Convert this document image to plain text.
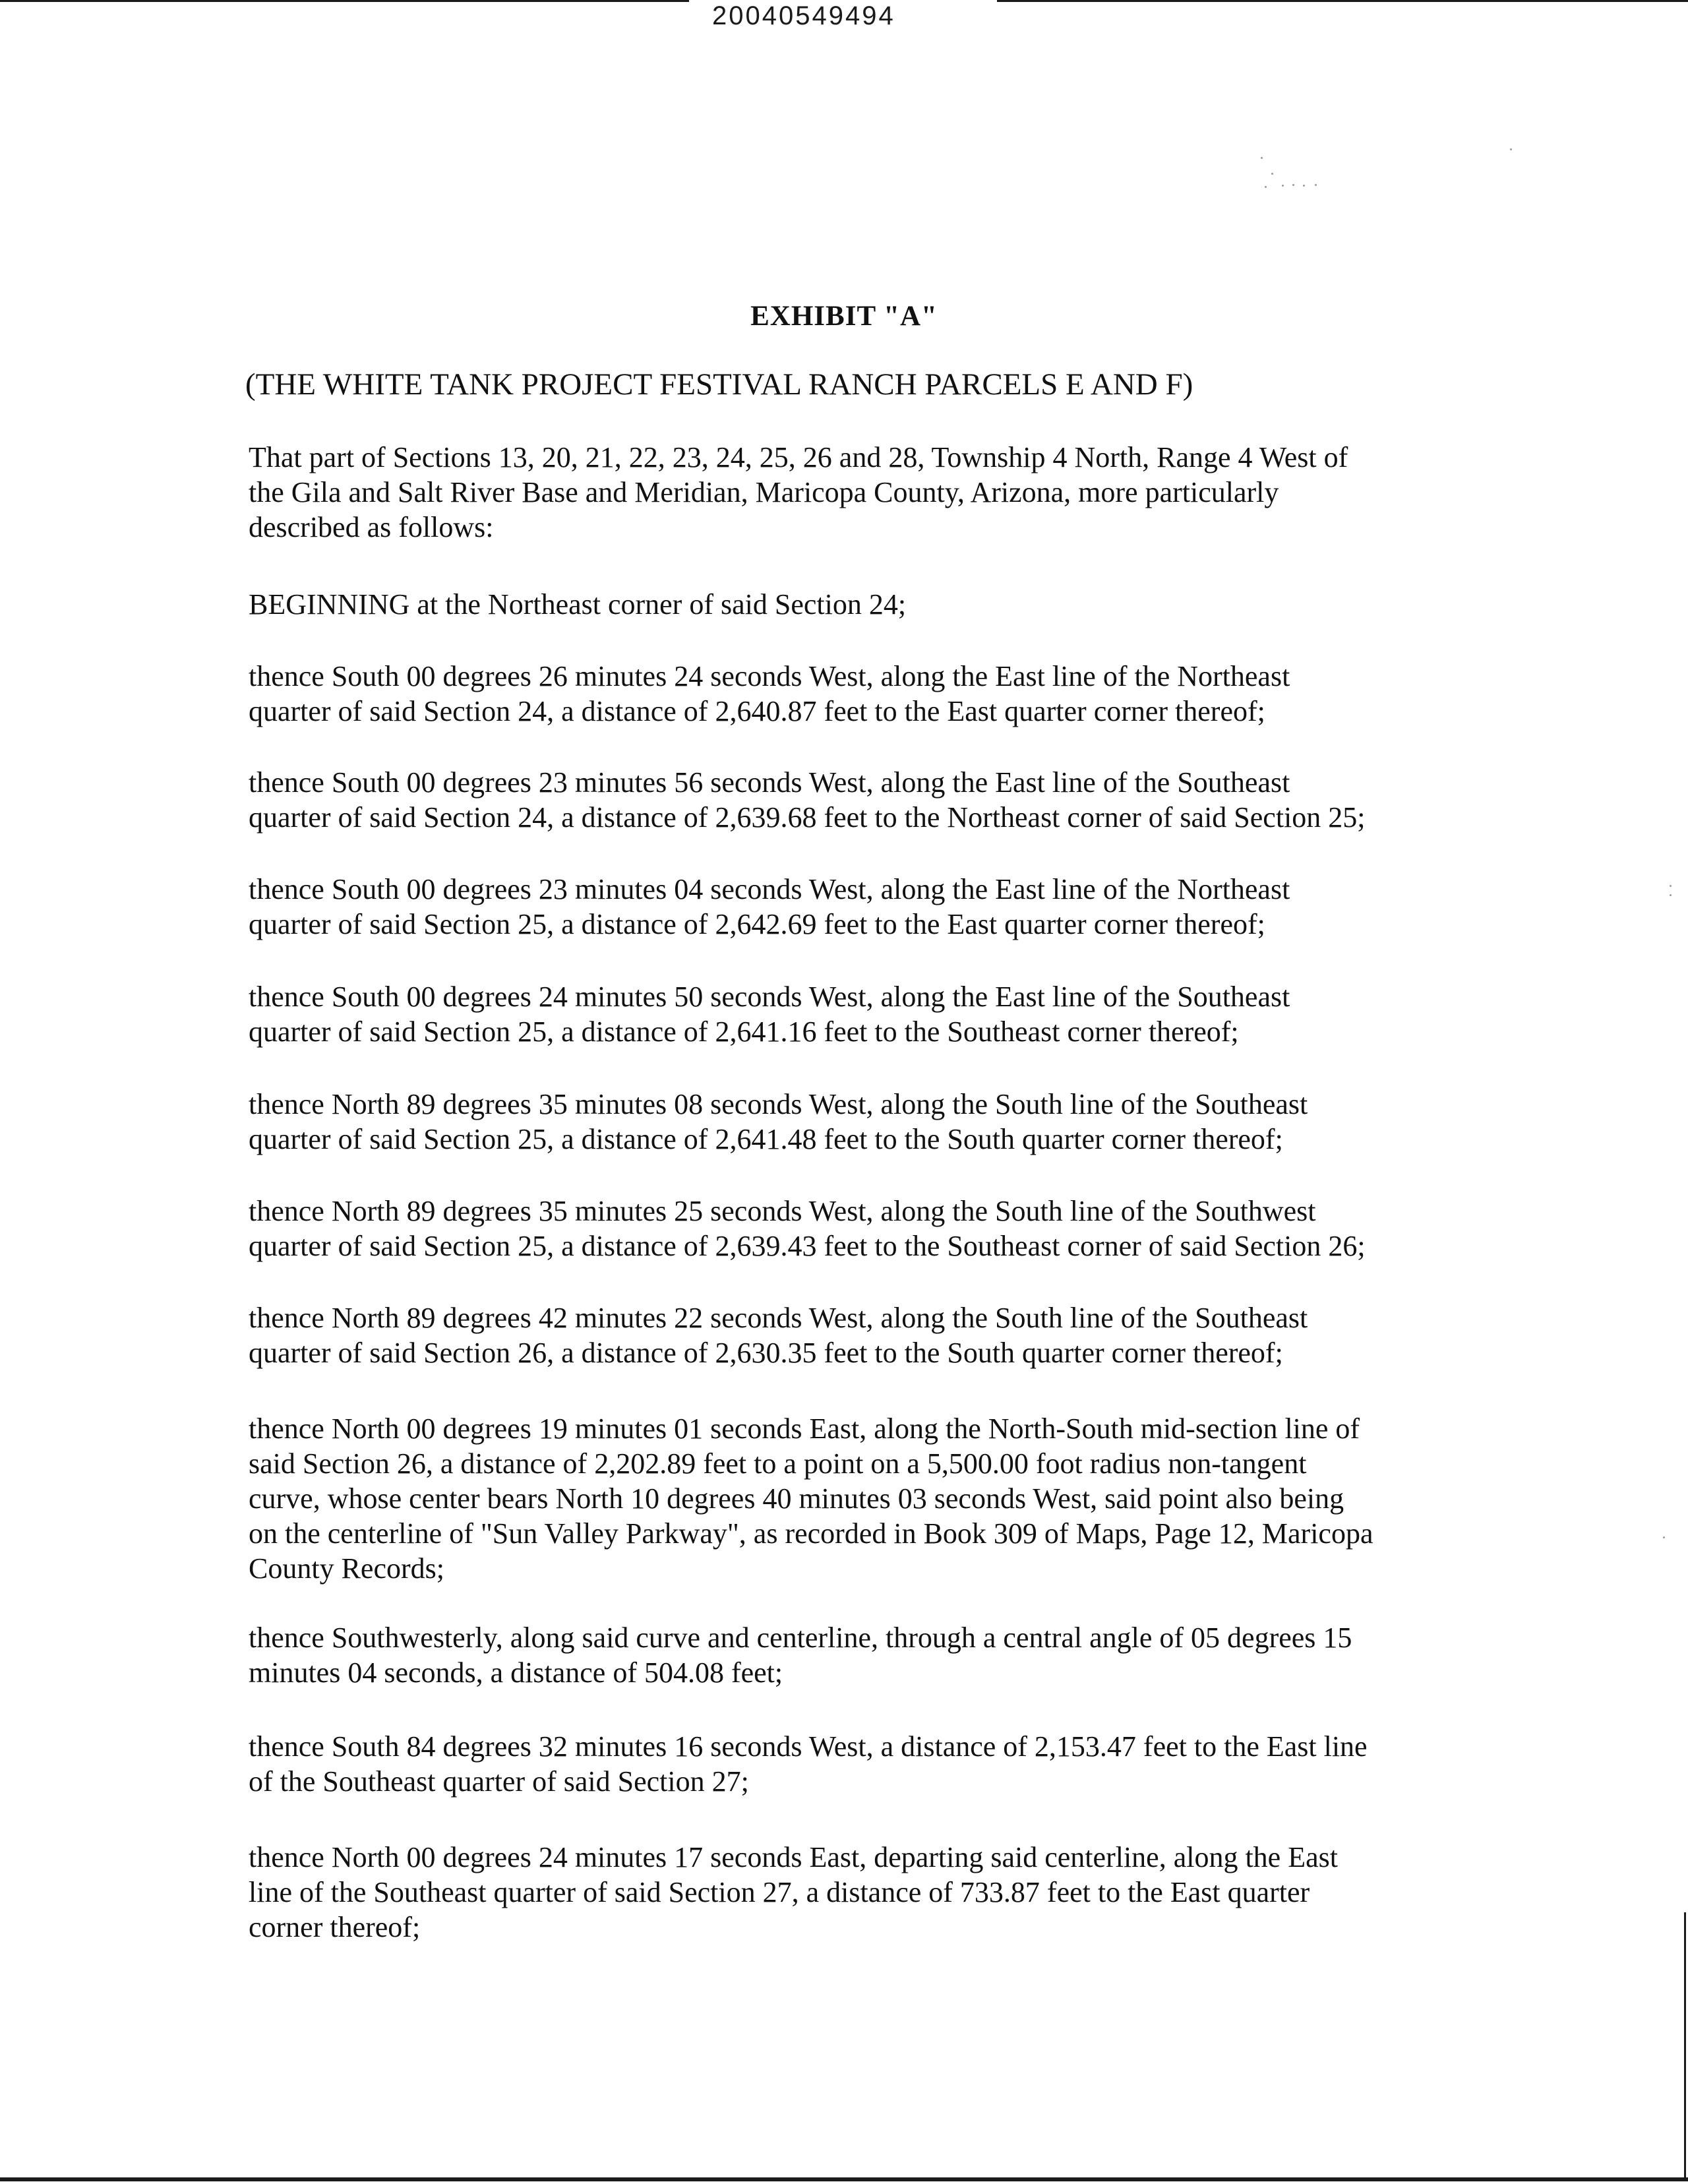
20040549494
EXHIBIT "A"
(THE WHITE TANK PROJECT FESTIVAL RANCH PARCELS E AND F)
That part of Sections 13, 20, 21, 22, 23, 24, 25, 26 and 28, Township 4 North, Range 4 West of
the Gila and Salt River Base and Meridian, Maricopa County, Arizona, more particularly
described as follows:
BEGINNING at the Northeast corner of said Section 24;
thence South 00 degrees 26 minutes 24 seconds West, along the East line of the Northeast
quarter of said Section 24, a distance of 2,640.87 feet to the East quarter corner thereof;
thence South 00 degrees 23 minutes 56 seconds West, along the East line of the Southeast
quarter of said Section 24, a distance of 2,639.68 feet to the Northeast corner of said Section 25;
thence South 00 degrees 23 minutes 04 seconds West, along the East line of the Northeast
quarter of said Section 25, a distance of 2,642.69 feet to the East quarter corner thereof;
thence South 00 degrees 24 minutes 50 seconds West, along the East line of the Southeast
quarter of said Section 25, a distance of 2,641.16 feet to the Southeast corner thereof;
thence North 89 degrees 35 minutes 08 seconds West, along the South line of the Southeast
quarter of said Section 25, a distance of 2,641.48 feet to the South quarter corner thereof;
thence North 89 degrees 35 minutes 25 seconds West, along the South line of the Southwest
quarter of said Section 25, a distance of 2,639.43 feet to the Southeast corner of said Section 26;
thence North 89 degrees 42 minutes 22 seconds West, along the South line of the Southeast
quarter of said Section 26, a distance of 2,630.35 feet to the South quarter corner thereof;
thence North 00 degrees 19 minutes 01 seconds East, along the North-South mid-section line of
said Section 26, a distance of 2,202.89 feet to a point on a 5,500.00 foot radius non-tangent
curve, whose center bears North 10 degrees 40 minutes 03 seconds West, said point also being
on the centerline of "Sun Valley Parkway", as recorded in Book 309 of Maps, Page 12, Maricopa
County Records;
thence Southwesterly, along said curve and centerline, through a central angle of 05 degrees 15
minutes 04 seconds, a distance of 504.08 feet;
thence South 84 degrees 32 minutes 16 seconds West, a distance of 2,153.47 feet to the East line
of the Southeast quarter of said Section 27;
thence North 00 degrees 24 minutes 17 seconds East, departing said centerline, along the East
line of the Southeast quarter of said Section 27, a distance of 733.87 feet to the East quarter
corner thereof;
